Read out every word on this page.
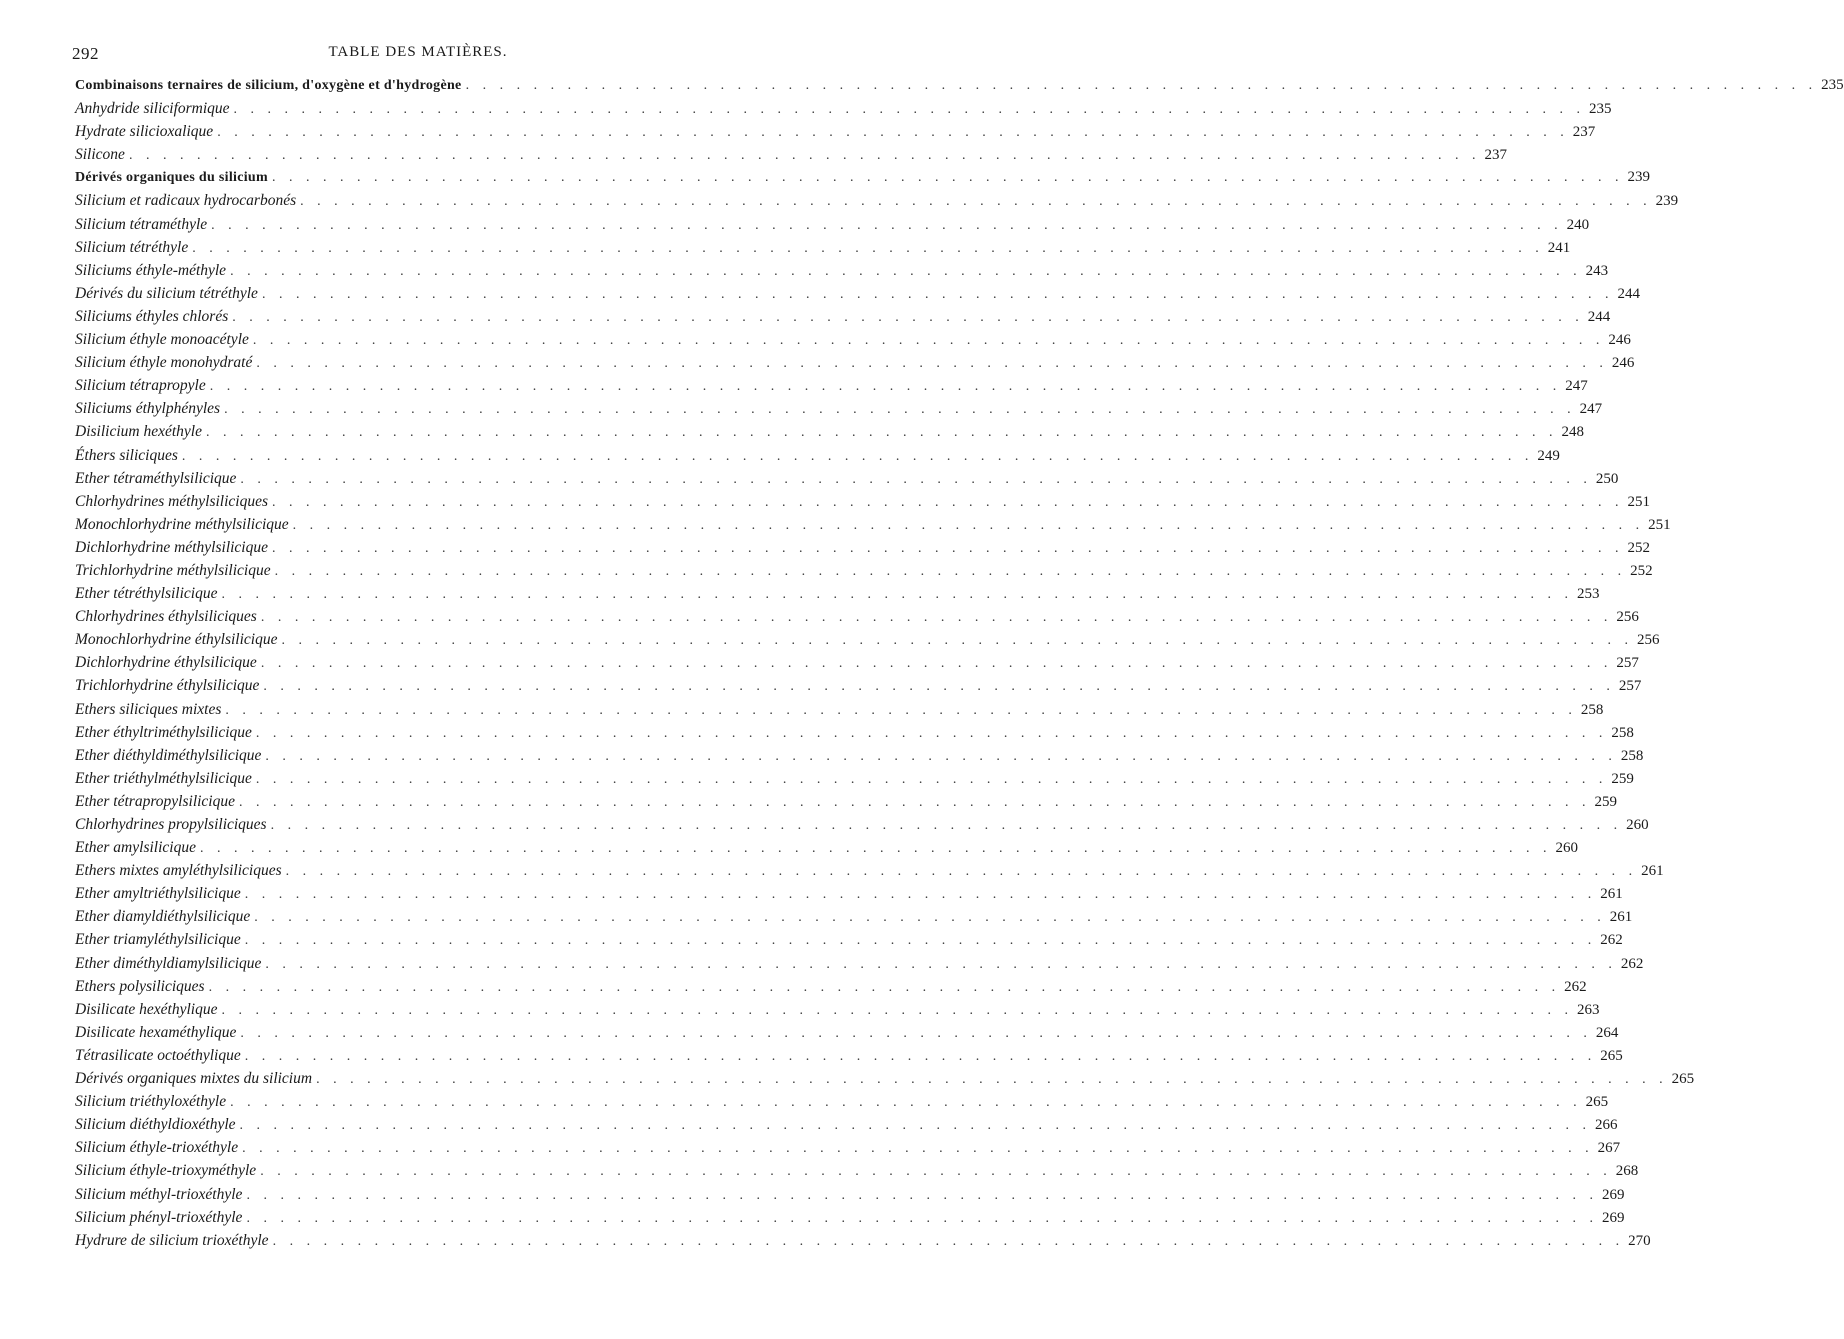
292	TABLE DES MATIÈRES.
Combinaisons ternaires de silicium, d'oxygène et d'hydrogène . . . . . . . . . . . . . . . . . . . . . . . . . . . . . . . . . . . . . . . . . . . . . . . . . . . . . . . . . . . . . . . . . . . . . . . . . . . . . . . . 235
Anhydride siliciformique . . . . . . . . . . . . . . . . . . . . . . . . . . . . . . . . . . . . . . . . . . . . . . . . . . . . . . . . . . . . . . . . . . . . . . . . . . . . . . . . 235
Hydrate silicioxalique . . . . . . . . . . . . . . . . . . . . . . . . . . . . . . . . . . . . . . . . . . . . . . . . . . . . . . . . . . . . . . . . . . . . . . . . . . . . . . . . 237
Silicone . . . . . . . . . . . . . . . . . . . . . . . . . . . . . . . . . . . . . . . . . . . . . . . . . . . . . . . . . . . . . . . . . . . . . . . . . . . . . . . . 237
Dérivés organiques du silicium . . . . . . . . . . . . . . . . . . . . . . . . . . . . . . . . . . . . . . . . . . . . . . . . . . . . . . . . . . . . . . . . . . . . . . . . . . . . . . . . 239
Silicium et radicaux hydrocarbonés . . . . . . . . . . . . . . . . . . . . . . . . . . . . . . . . . . . . . . . . . . . . . . . . . . . . . . . . . . . . . . . . . . . . . . . . . . . . . . . . 239
Silicium tétraméthyle . . . . . . . . . . . . . . . . . . . . . . . . . . . . . . . . . . . . . . . . . . . . . . . . . . . . . . . . . . . . . . . . . . . . . . . . . . . . . . . . 240
Silicium tétréthyle . . . . . . . . . . . . . . . . . . . . . . . . . . . . . . . . . . . . . . . . . . . . . . . . . . . . . . . . . . . . . . . . . . . . . . . . . . . . . . . . 241
Siliciums éthyle-méthyle . . . . . . . . . . . . . . . . . . . . . . . . . . . . . . . . . . . . . . . . . . . . . . . . . . . . . . . . . . . . . . . . . . . . . . . . . . . . . . . . 243
Dérivés du silicium tétréthyle . . . . . . . . . . . . . . . . . . . . . . . . . . . . . . . . . . . . . . . . . . . . . . . . . . . . . . . . . . . . . . . . . . . . . . . . . . . . . . . . 244
Siliciums éthyles chlorés . . . . . . . . . . . . . . . . . . . . . . . . . . . . . . . . . . . . . . . . . . . . . . . . . . . . . . . . . . . . . . . . . . . . . . . . . . . . . . . . 244
Silicium éthyle monoacétyle . . . . . . . . . . . . . . . . . . . . . . . . . . . . . . . . . . . . . . . . . . . . . . . . . . . . . . . . . . . . . . . . . . . . . . . . . . . . . . . . 246
Silicium éthyle monohydraté . . . . . . . . . . . . . . . . . . . . . . . . . . . . . . . . . . . . . . . . . . . . . . . . . . . . . . . . . . . . . . . . . . . . . . . . . . . . . . . . 246
Silicium tétrapropyle . . . . . . . . . . . . . . . . . . . . . . . . . . . . . . . . . . . . . . . . . . . . . . . . . . . . . . . . . . . . . . . . . . . . . . . . . . . . . . . . 247
Siliciums éthylphényles . . . . . . . . . . . . . . . . . . . . . . . . . . . . . . . . . . . . . . . . . . . . . . . . . . . . . . . . . . . . . . . . . . . . . . . . . . . . . . . . 247
Disilicium hexéthyle . . . . . . . . . . . . . . . . . . . . . . . . . . . . . . . . . . . . . . . . . . . . . . . . . . . . . . . . . . . . . . . . . . . . . . . . . . . . . . . . 248
Éthers siliciques . . . . . . . . . . . . . . . . . . . . . . . . . . . . . . . . . . . . . . . . . . . . . . . . . . . . . . . . . . . . . . . . . . . . . . . . . . . . . . . . 249
Ether tétraméthylsilicique . . . . . . . . . . . . . . . . . . . . . . . . . . . . . . . . . . . . . . . . . . . . . . . . . . . . . . . . . . . . . . . . . . . . . . . . . . . . . . . . 250
Chlorhydrines méthylsiliciques . . . . . . . . . . . . . . . . . . . . . . . . . . . . . . . . . . . . . . . . . . . . . . . . . . . . . . . . . . . . . . . . . . . . . . . . . . . . . . . . 251
Monochlorhydrine méthylsilicique . . . . . . . . . . . . . . . . . . . . . . . . . . . . . . . . . . . . . . . . . . . . . . . . . . . . . . . . . . . . . . . . . . . . . . . . . . . . . . . . 251
Dichlorhydrine méthylsilicique . . . . . . . . . . . . . . . . . . . . . . . . . . . . . . . . . . . . . . . . . . . . . . . . . . . . . . . . . . . . . . . . . . . . . . . . . . . . . . . . 252
Trichlorhydrine méthylsilicique . . . . . . . . . . . . . . . . . . . . . . . . . . . . . . . . . . . . . . . . . . . . . . . . . . . . . . . . . . . . . . . . . . . . . . . . . . . . . . . . 252
Ether tétréthylsilicique . . . . . . . . . . . . . . . . . . . . . . . . . . . . . . . . . . . . . . . . . . . . . . . . . . . . . . . . . . . . . . . . . . . . . . . . . . . . . . . . 253
Chlorhydrines éthylsiliciques . . . . . . . . . . . . . . . . . . . . . . . . . . . . . . . . . . . . . . . . . . . . . . . . . . . . . . . . . . . . . . . . . . . . . . . . . . . . . . . . 256
Monochlorhydrine éthylsilicique . . . . . . . . . . . . . . . . . . . . . . . . . . . . . . . . . . . . . . . . . . . . . . . . . . . . . . . . . . . . . . . . . . . . . . . . . . . . . . . . 256
Dichlorhydrine éthylsilicique . . . . . . . . . . . . . . . . . . . . . . . . . . . . . . . . . . . . . . . . . . . . . . . . . . . . . . . . . . . . . . . . . . . . . . . . . . . . . . . . 257
Trichlorhydrine éthylsilicique . . . . . . . . . . . . . . . . . . . . . . . . . . . . . . . . . . . . . . . . . . . . . . . . . . . . . . . . . . . . . . . . . . . . . . . . . . . . . . . . 257
Ethers siliciques mixtes . . . . . . . . . . . . . . . . . . . . . . . . . . . . . . . . . . . . . . . . . . . . . . . . . . . . . . . . . . . . . . . . . . . . . . . . . . . . . . . . 258
Ether éthyltriméthylsilicique . . . . . . . . . . . . . . . . . . . . . . . . . . . . . . . . . . . . . . . . . . . . . . . . . . . . . . . . . . . . . . . . . . . . . . . . . . . . . . . . 258
Ether diéthyldiméthylsilicique . . . . . . . . . . . . . . . . . . . . . . . . . . . . . . . . . . . . . . . . . . . . . . . . . . . . . . . . . . . . . . . . . . . . . . . . . . . . . . . . 258
Ether triéthylméthylsilicique . . . . . . . . . . . . . . . . . . . . . . . . . . . . . . . . . . . . . . . . . . . . . . . . . . . . . . . . . . . . . . . . . . . . . . . . . . . . . . . . 259
Ether tétrapropylsilicique . . . . . . . . . . . . . . . . . . . . . . . . . . . . . . . . . . . . . . . . . . . . . . . . . . . . . . . . . . . . . . . . . . . . . . . . . . . . . . . . 259
Chlorhydrines propylsiliciques . . . . . . . . . . . . . . . . . . . . . . . . . . . . . . . . . . . . . . . . . . . . . . . . . . . . . . . . . . . . . . . . . . . . . . . . . . . . . . . . 260
Ether amylsilicique . . . . . . . . . . . . . . . . . . . . . . . . . . . . . . . . . . . . . . . . . . . . . . . . . . . . . . . . . . . . . . . . . . . . . . . . . . . . . . . . 260
Ethers mixtes amyléthylsiliciques . . . . . . . . . . . . . . . . . . . . . . . . . . . . . . . . . . . . . . . . . . . . . . . . . . . . . . . . . . . . . . . . . . . . . . . . . . . . . . . . 261
Ether amyltriéthylsilicique . . . . . . . . . . . . . . . . . . . . . . . . . . . . . . . . . . . . . . . . . . . . . . . . . . . . . . . . . . . . . . . . . . . . . . . . . . . . . . . . 261
Ether diamyldiéthylsilicique . . . . . . . . . . . . . . . . . . . . . . . . . . . . . . . . . . . . . . . . . . . . . . . . . . . . . . . . . . . . . . . . . . . . . . . . . . . . . . . . 261
Ether triamyléthylsilicique . . . . . . . . . . . . . . . . . . . . . . . . . . . . . . . . . . . . . . . . . . . . . . . . . . . . . . . . . . . . . . . . . . . . . . . . . . . . . . . . 262
Ether diméthyldiamylsilicique . . . . . . . . . . . . . . . . . . . . . . . . . . . . . . . . . . . . . . . . . . . . . . . . . . . . . . . . . . . . . . . . . . . . . . . . . . . . . . . . 262
Ethers polysiliciques . . . . . . . . . . . . . . . . . . . . . . . . . . . . . . . . . . . . . . . . . . . . . . . . . . . . . . . . . . . . . . . . . . . . . . . . . . . . . . . . 262
Disilicate hexéthylique . . . . . . . . . . . . . . . . . . . . . . . . . . . . . . . . . . . . . . . . . . . . . . . . . . . . . . . . . . . . . . . . . . . . . . . . . . . . . . . . 263
Disilicate hexaméthylique . . . . . . . . . . . . . . . . . . . . . . . . . . . . . . . . . . . . . . . . . . . . . . . . . . . . . . . . . . . . . . . . . . . . . . . . . . . . . . . . 264
Tétrasilicate octoéthylique . . . . . . . . . . . . . . . . . . . . . . . . . . . . . . . . . . . . . . . . . . . . . . . . . . . . . . . . . . . . . . . . . . . . . . . . . . . . . . . . 265
Dérivés organiques mixtes du silicium . . . . . . . . . . . . . . . . . . . . . . . . . . . . . . . . . . . . . . . . . . . . . . . . . . . . . . . . . . . . . . . . . . . . . . . . . . . . . . . . 265
Silicium triéthyloxéthyle . . . . . . . . . . . . . . . . . . . . . . . . . . . . . . . . . . . . . . . . . . . . . . . . . . . . . . . . . . . . . . . . . . . . . . . . . . . . . . . . 265
Silicium diéthyldioxéthyle . . . . . . . . . . . . . . . . . . . . . . . . . . . . . . . . . . . . . . . . . . . . . . . . . . . . . . . . . . . . . . . . . . . . . . . . . . . . . . . . 266
Silicium éthyle-trioxéthyle . . . . . . . . . . . . . . . . . . . . . . . . . . . . . . . . . . . . . . . . . . . . . . . . . . . . . . . . . . . . . . . . . . . . . . . . . . . . . . . . 267
Silicium éthyle-trioxyméthyle . . . . . . . . . . . . . . . . . . . . . . . . . . . . . . . . . . . . . . . . . . . . . . . . . . . . . . . . . . . . . . . . . . . . . . . . . . . . . . . . 268
Silicium méthyl-trioxéthyle . . . . . . . . . . . . . . . . . . . . . . . . . . . . . . . . . . . . . . . . . . . . . . . . . . . . . . . . . . . . . . . . . . . . . . . . . . . . . . . . 269
Silicium phényl-trioxéthyle . . . . . . . . . . . . . . . . . . . . . . . . . . . . . . . . . . . . . . . . . . . . . . . . . . . . . . . . . . . . . . . . . . . . . . . . . . . . . . . . 269
Hydrure de silicium trioxéthyle . . . . . . . . . . . . . . . . . . . . . . . . . . . . . . . . . . . . . . . . . . . . . . . . . . . . . . . . . . . . . . . . . . . . . . . . . . . . . . . . 270
